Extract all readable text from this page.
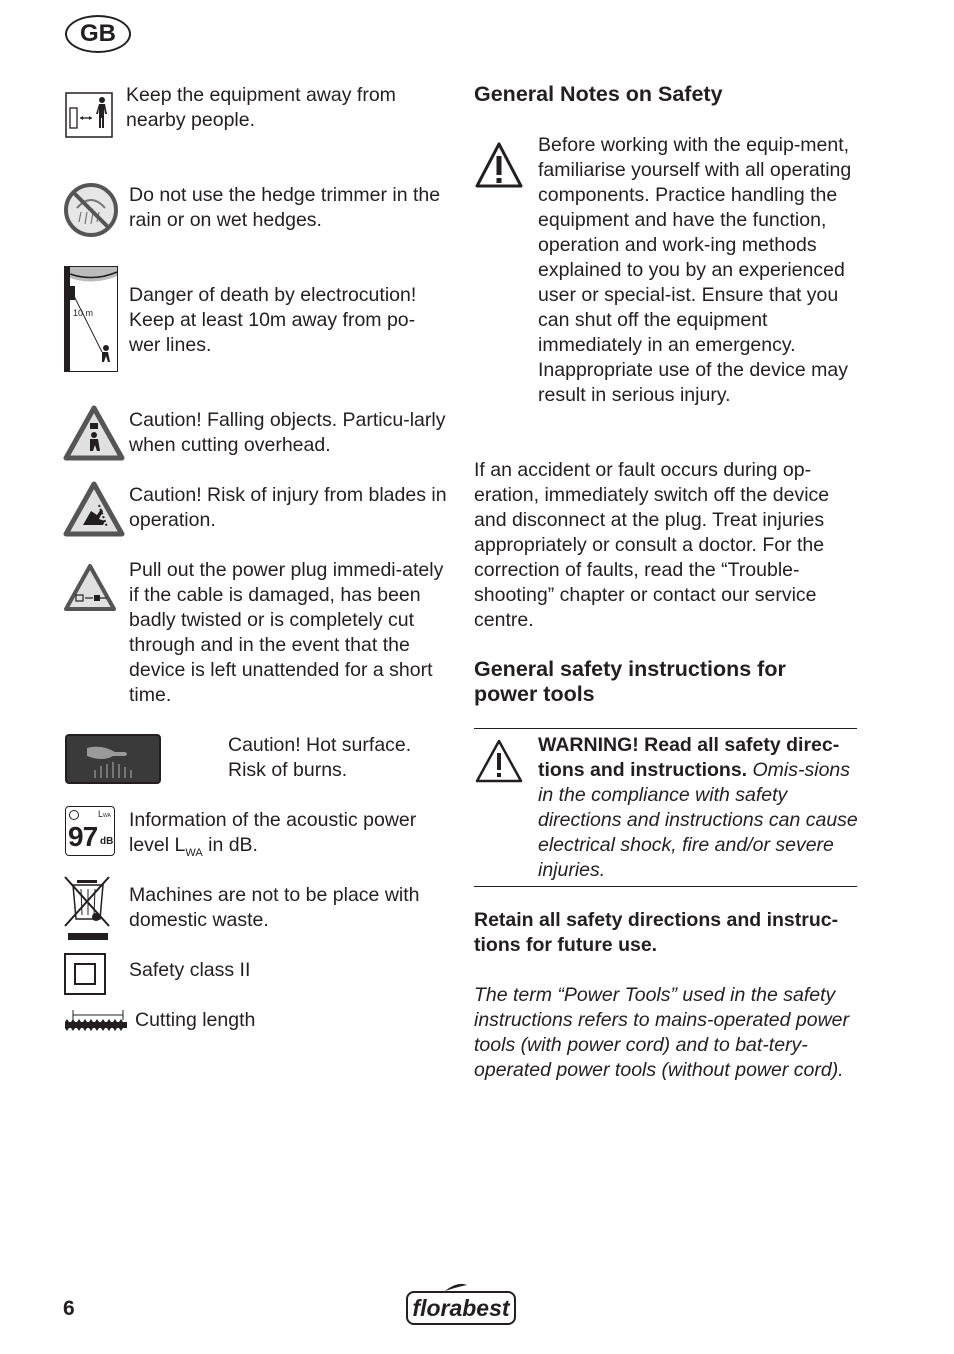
GB
Keep the equipment away from nearby people.
Do not use the hedge trimmer in the rain or on wet hedges.
10 m
Danger of death by electrocution! Keep at least 10m away from po-wer lines.
Caution! Falling objects. Particu-larly when cutting overhead.
Caution! Risk of injury from blades in operation.
Pull out the power plug immedi-ately if the cable is damaged, has been badly twisted or is completely cut through and in the event that the device is left unattended for a short time.
Caution! Hot surface.
Risk of burns.
LWA
97 dB
Information of the acoustic power level $L_{WA}$ in dB.
Machines are not to be place with domestic waste.
Safety class II
Cutting length
General Notes on Safety
Before working with the equip-ment, familiarise yourself with all operating components. Practice handling the equipment and have the function, operation and work-ing methods explained to you by an experienced user or special-ist. Ensure that you can shut off the equipment immediately in an emergency. Inappropriate use of the device may result in serious injury.
If an accident or fault occurs during op-eration, immediately switch off the device and disconnect at the plug. Treat injuries appropriately or consult a doctor. For the correction of faults, read the “Trouble-shooting” chapter or contact our service centre.
General safety instructions for
power tools
WARNING! Read all safety direc-tions and instructions. Omis-sions in the compliance with safety directions and instructions can cause electrical shock, fire and/or severe injuries.
Retain all safety directions and instruc-tions for future use.
The term “Power Tools” used in the safety instructions refers to mains-operated power tools (with power cord) and to bat-tery-operated power tools (without power cord).
6	florabest
